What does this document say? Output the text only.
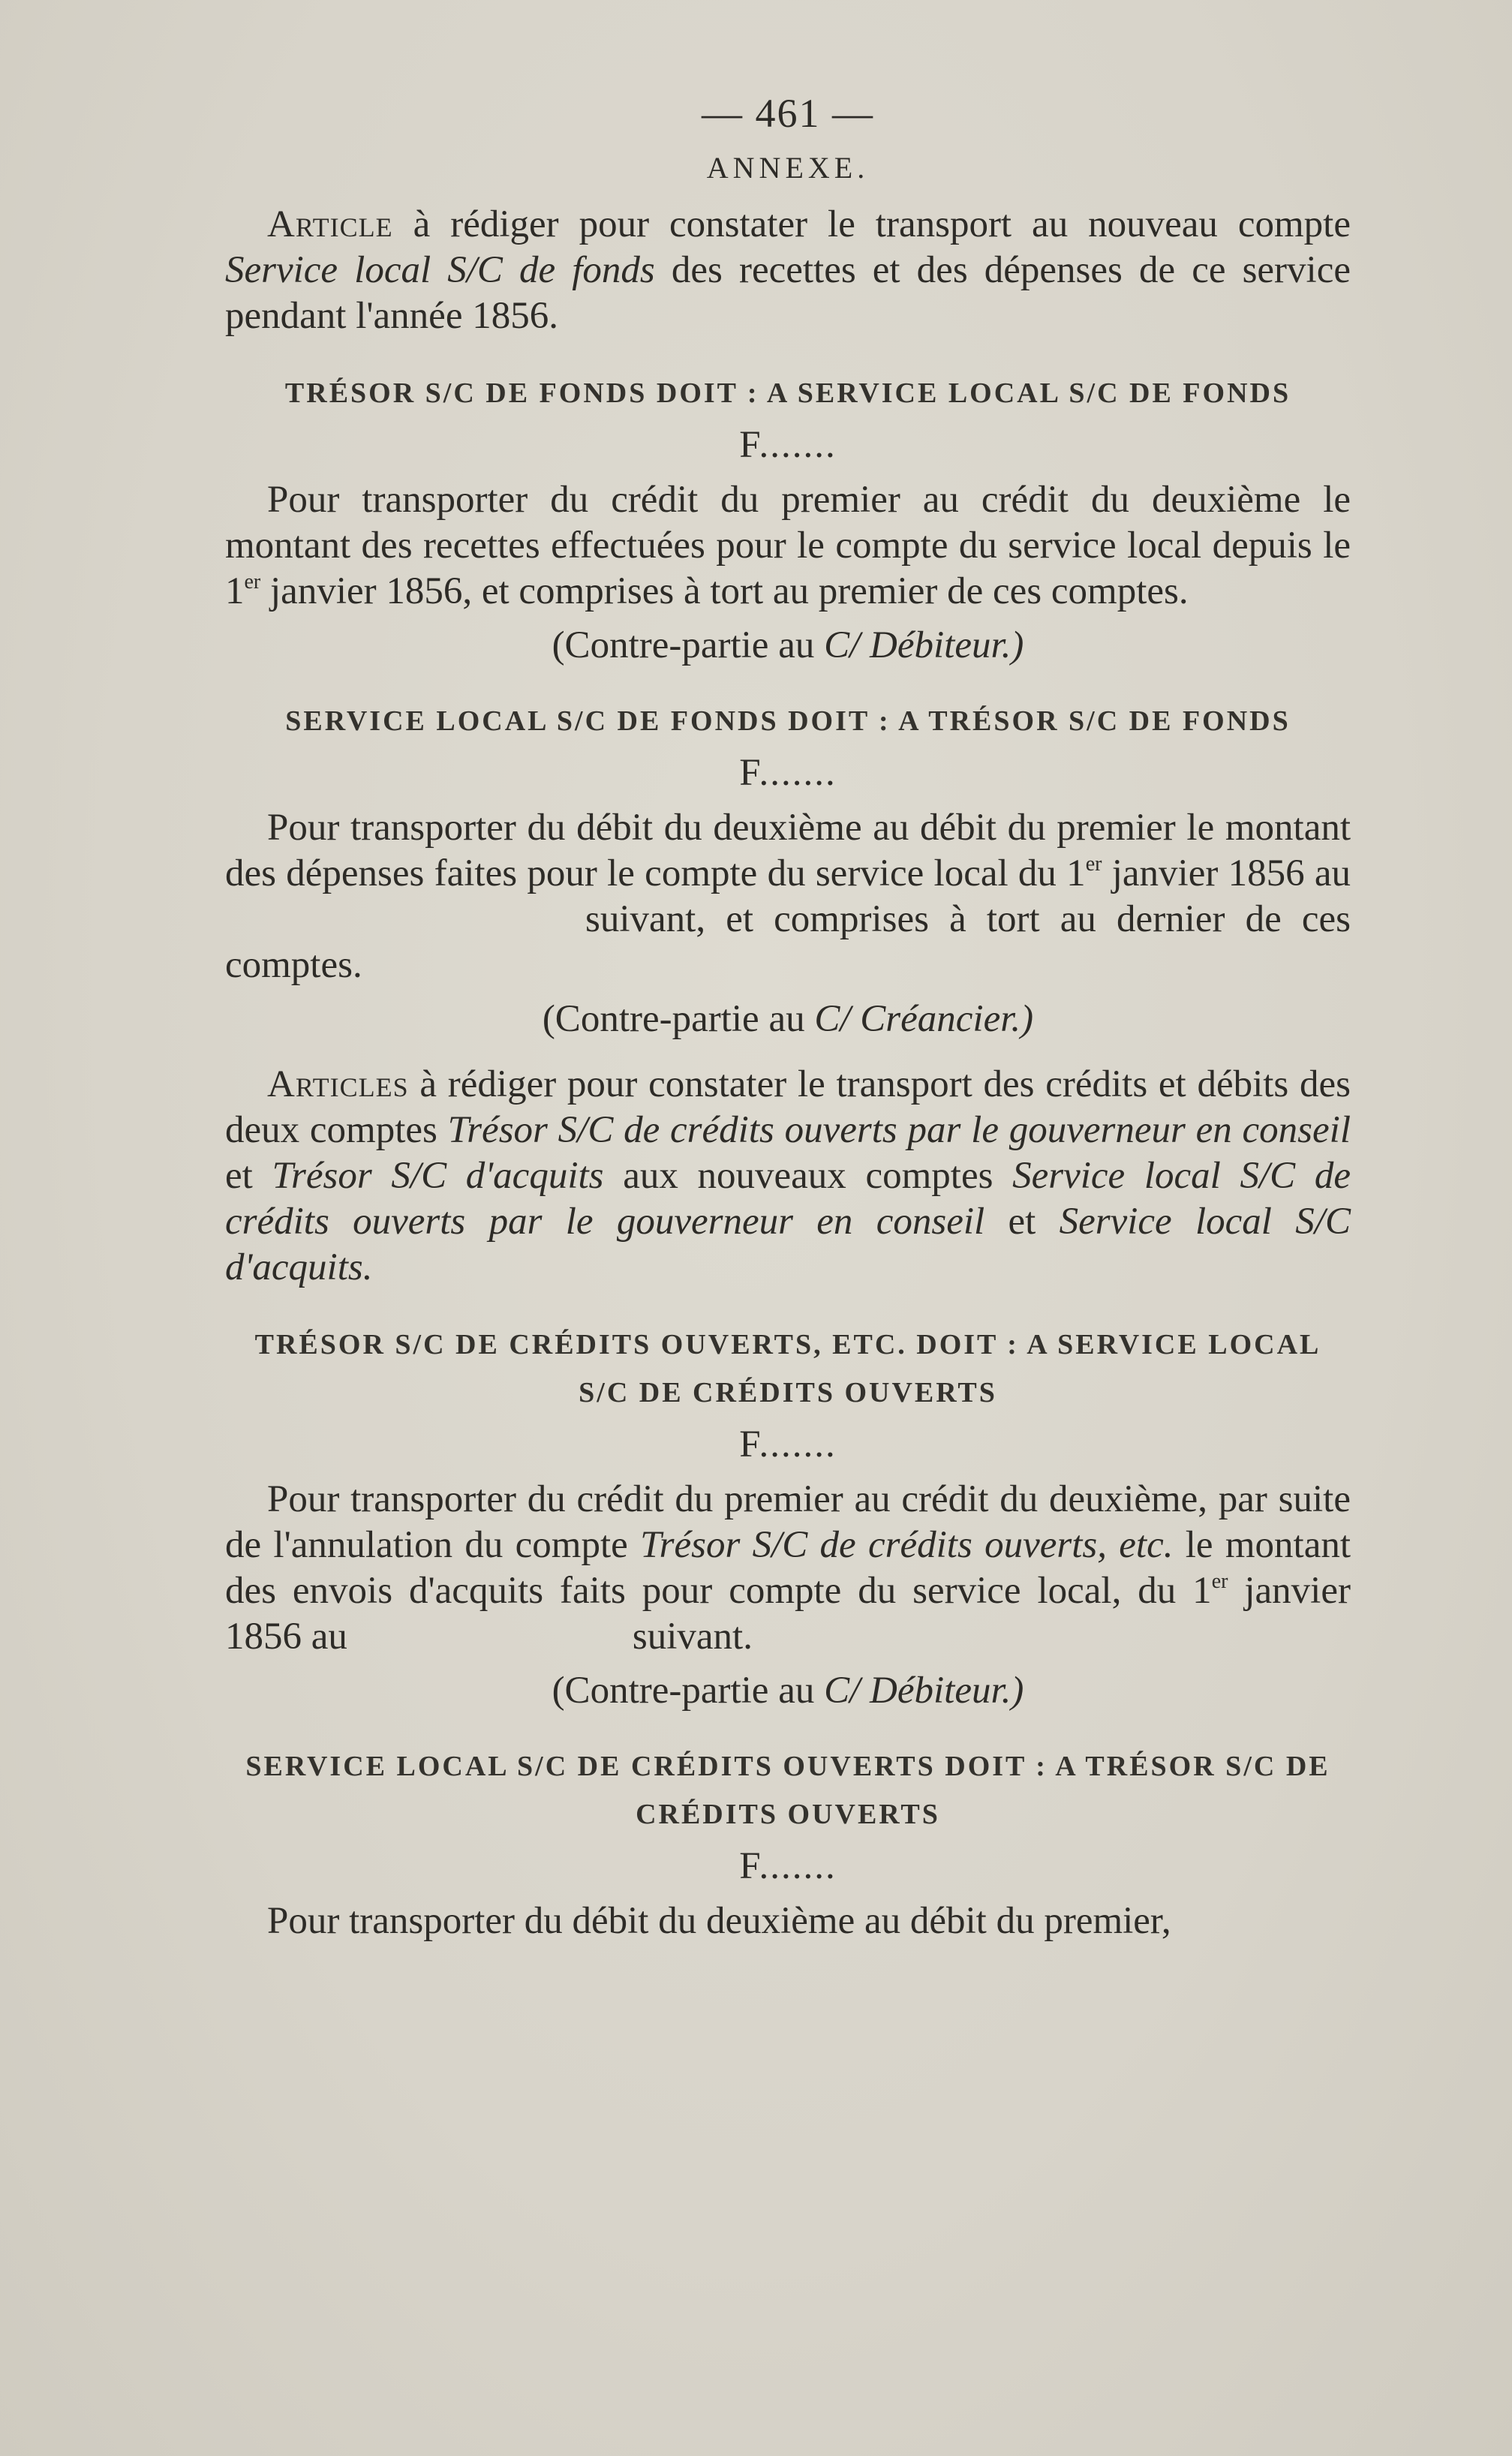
— 461 —
ANNEXE.

Article à rédiger pour constater le transport au nouveau compte Service local S/C de fonds des recettes et des dépenses de ce service pendant l'année 1856.

TRÉSOR S/C DE FONDS DOIT : A SERVICE LOCAL S/C DE FONDS
F.......

Pour transporter du crédit du premier au crédit du deuxième le montant des recettes effectuées pour le compte du service local depuis le 1er janvier 1856, et comprises à tort au premier de ces comptes.

(Contre-partie au C/ Débiteur.)
SERVICE LOCAL S/C DE FONDS DOIT : A TRÉSOR S/C DE FONDS
F.......

Pour transporter du débit du deuxième au débit du premier le montant des dépenses faites pour le compte du service local du 1er janvier 1856 ausuivant, et comprises à tort au dernier de ces comptes.

(Contre-partie au C/ Créancier.)

Articles à rédiger pour constater le transport des crédits et débits des deux comptes Trésor S/C de crédits ouverts par le gouverneur en conseil et Trésor S/C d'acquits aux nouveaux comptes Service local S/C de crédits ouverts par le gouverneur en conseil et Service local S/C d'acquits.

TRÉSOR S/C DE CRÉDITS OUVERTS, ETC. DOIT : A SERVICE LOCAL
S/C DE CRÉDITS OUVERTS
F.......

Pour transporter du crédit du premier au crédit du deuxième, par suite de l'annulation du compte Trésor S/C de crédits ouverts, etc. le montant des envois d'acquits faits pour compte du service local, du 1er janvier 1856 au	suivant.

(Contre-partie au C/ Débiteur.)
SERVICE LOCAL S/C DE CRÉDITS OUVERTS DOIT : A TRÉSOR S/C DE
CRÉDITS OUVERTS
F.......

Pour transporter du débit du deuxième au débit du premier,
